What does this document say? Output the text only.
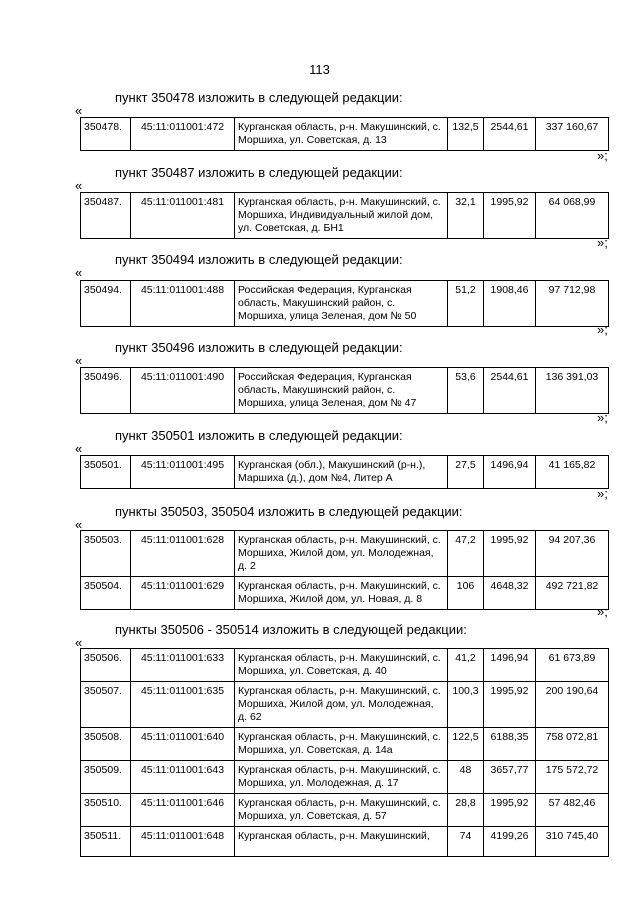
113
пункт 350478 изложить в следующей редакции:
«
350478.	45:11:011001:472	Курганская область, р-н. Макушинский, с. Моршиха, ул. Советская, д. 13	132,5	2544,61	337 160,67
»;
пункт 350487 изложить в следующей редакции:
«
350487.	45:11:011001:481	Курганская область, р-н. Макушинский, с. Моршиха, Индивидуальный жилой дом, ул. Советская, д. БН1	32,1	1995,92	64 068,99
»;
пункт 350494 изложить в следующей редакции:
«
350494.	45:11:011001:488	Российская Федерация, Курганская область, Макушинский район, с. Моршиха, улица Зеленая, дом № 50	51,2	1908,46	97 712,98
»;
пункт 350496 изложить в следующей редакции:
«
350496.	45:11:011001:490	Российская Федерация, Курганская область, Макушинский район, с. Моршиха, улица Зеленая, дом № 47	53,6	2544,61	136 391,03
»;
пункт 350501 изложить в следующей редакции:
«
350501.	45:11:011001:495	Курганская (обл.), Макушинский (р-н.), Маршиха (д.), дом №4, Литер А	27,5	1496,94	41 165,82
»;
пункты 350503, 350504 изложить в следующей редакции:
«
350503.	45:11:011001:628	Курганская область, р-н. Макушинский, с. Моршиха, Жилой дом, ул. Молодежная, д. 2	47,2	1995,92	94 207,36
350504.	45:11:011001:629	Курганская область, р-н. Макушинский, с. Моршиха, Жилой дом, ул. Новая, д. 8	106	4648,32	492 721,82
»;
пункты 350506 - 350514 изложить в следующей редакции:
«
350506.	45:11:011001:633	Курганская область, р-н. Макушинский, с. Моршиха, ул. Советская, д. 40	41,2	1496,94	61 673,89
350507.	45:11:011001:635	Курганская область, р-н. Макушинский, с. Моршиха, Жилой дом, ул. Молодежная, д. 62	100,3	1995,92	200 190,64
350508.	45:11:011001:640	Курганская область, р-н. Макушинский, с. Моршиха, ул. Советская, д. 14а	122,5	6188,35	758 072,81
350509.	45:11:011001:643	Курганская область, р-н. Макушинский, с. Моршиха, ул. Молодежная, д. 17	48	3657,77	175 572,72
350510.	45:11:011001:646	Курганская область, р-н. Макушинский, с. Моршиха, ул. Советская, д. 57	28,8	1995,92	57 482,46
350511.	45:11:011001:648	Курганская область, р-н. Макушинский,	74	4199,26	310 745,40
